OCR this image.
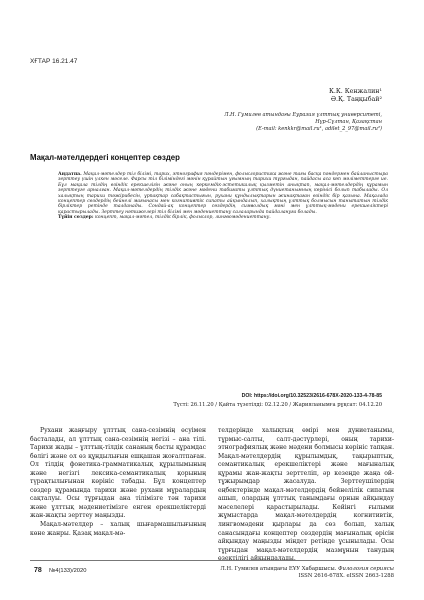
ХҒТАР 16.21.47
К.К. Кенжалин¹
Ә.Қ. Таңқыбай²
Л.Н. Гумилев атындағы Еуразия ұлттық университеті,
Нұр-Сұлтан, Қазақстан
(E-mail: kenkkr@mail.ru¹, adilet_2_97@mail.ru²)
Мақал-мәтелдердегі концептер сөздер
Аңдатпа. Мақал-мәтелдер тіл білімі, тарих, этнография пәндерімен, фольклористика және тағы басқа пәндермен байланыстыра зерттеу үшін үлкен мәселе. Фарсы тіл біліміндегі мәнін құрайтын ұғымның тарихи тұрғыдан, пайдасы аса көп мәліметтерге ие. Бұл мақала тілдің өзіндік ерекшелігін және оның көркемдік-эстетикалық қызметін анықтап, мақал-мәтелдердің құрамын зерттеуге арналған. Мақал-мәтелдердің тілдік және мәдени табиғаты ұлттық дүниетанымның көрінісі болып табылады. Ол халықтың тарихи тәжірибесін, ұрпақтар сабақтастығын, рухани құндылықтарын жинақтаған өзіндік бір қазына. Мақалада концептер сөздердің бейнелі мағынасы мен когнитивтік сипаты айқындалып, халықтың ұлттық болмысын танытатын тілдік бірліктер ретінде талданады. Сондай-ақ концептер сөздердің символдық мәні мен ұлттық-мәдени ерекшеліктері қарастырылады. Зерттеу нәтижелері тіл білімі мен мәдениеттану салаларында пайдалануға болады.
Түйін сөздер: концепт, мақал-мәтел, тілдік бірлік, фольклор, лингвомәдениеттану.
DOI: https://doi.org/10.32523/2616-678X-2020-133-4-78-85
Түсті: 26.11.20 / Қайта түзетілді: 02.12.20 / Жарияланымға рұқсат: 04.12.20

Рухани жаңғыру ұлттық сана-сезімнің өсуімен басталады, ал ұлттық сана-сезімнің негізі – ана тілі. Тарихи жады – ұлттық-тілдік сананың басты құрамдас бөлігі және ол өз құндылығын ешқашан жоғалтпаған. Ол тілдің фонетика-грамматикалық құрылымының және негізгі лексика-семантикалық қорының түрақтылығынан көрініс табады. Бұл концептер сөздер құрамында тарихи және рухани мұралардың сақталуы. Осы тұрғыдан ана тілімізге тән тарихи және ұлттық мәдениетімізге енген ерекшеліктерді жан-жақты зерттеу маңызды.

Мақал-мәтелдер – халық шығармашылығының көне жанры. Қазақ мақал-мә-

телдерінде халықтың өмірі мен дүниетанымы, тұрмыс-салты, салт-дәстүрлері, оның тарихи-этнографиялық және мәдени болмысы көрініс тапқан. Мақал-мәтелдердің құрылымдық, тақырыптық, семантикалық ерекшеліктері және мағыналық құрамы жан-жақты зерттеліп, әр кезеңде жаңа ой-тұжырымдар жасалуда. Зерттеушілердің еңбектерінде мақал-мәтелдердің бейнелілік сипатын ашып, олардың ұлттық танымдағы орнын айқындау мәселелері қарастырылады. Кейінгі ғылыми жұмыстарда мақал-мәтелдердің когнитивтік, лингвомәдени қырлары да сөз болып, халық санасындағы концептер сөздердің мағыналық өрісін айқындау маңызды міндет ретінде ұсынылады. Осы тұрғыдан мақал-мәтелдердің мазмұнын танудың өзектілігі айқындалады.

78 №4(133)/2020	Л.Н. Гумилев атындағы ЕҰУ Хабаршысы. Филология сериясы
ISSN 2616-678X. eISSN 2663-1288
